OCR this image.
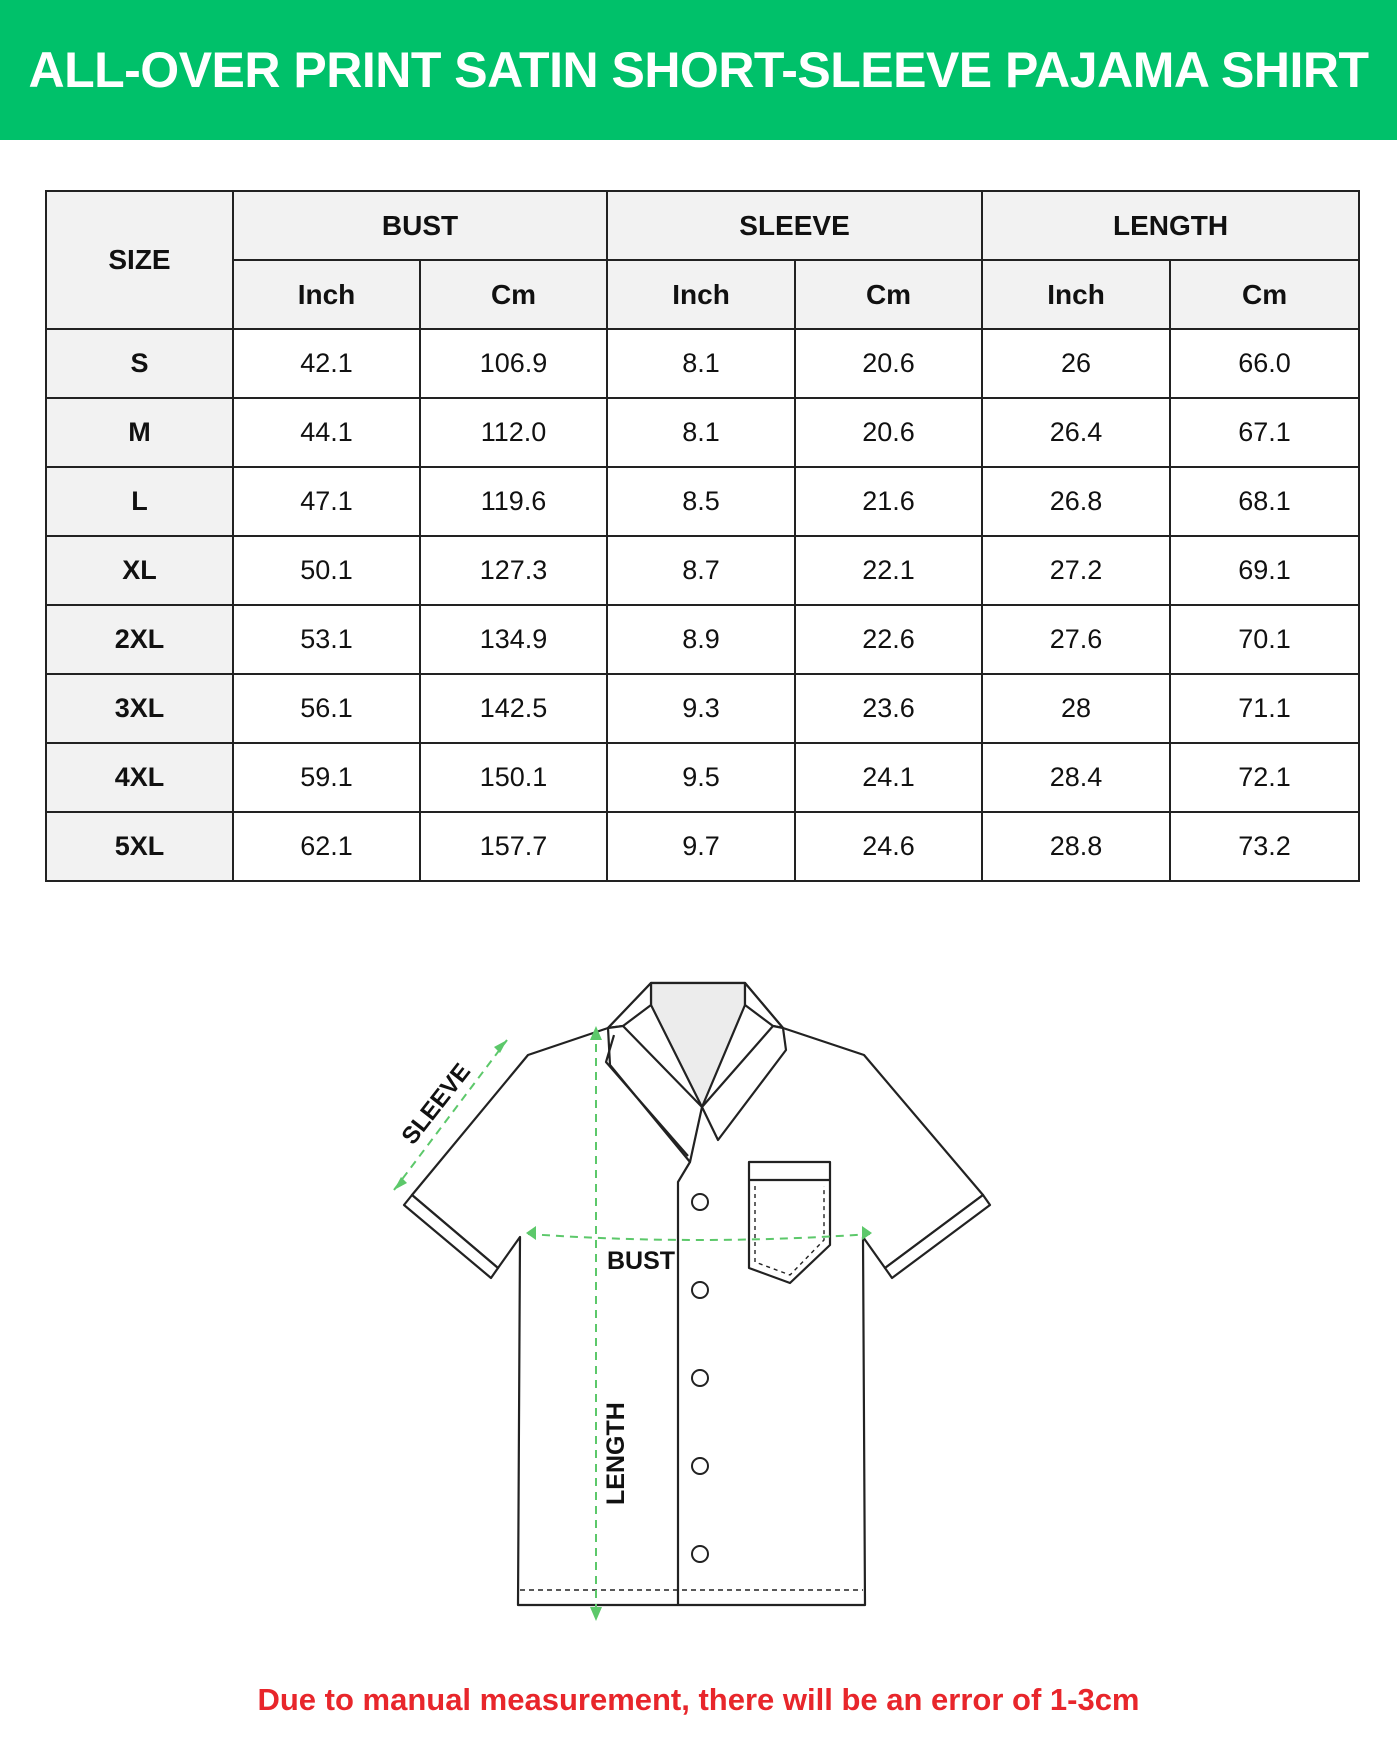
ALL-OVER PRINT SATIN SHORT-SLEEVE PAJAMA SHIRT
SIZE	BUST		SLEEVE		LENGTH	
	Inch	Cm	Inch	Cm	Inch	Cm
S	42.1	106.9	8.1	20.6	26	66.0
M	44.1	112.0	8.1	20.6	26.4	67.1
L	47.1	119.6	8.5	21.6	26.8	68.1
XL	50.1	127.3	8.7	22.1	27.2	69.1
2XL	53.1	134.9	8.9	22.6	27.6	70.1
3XL	56.1	142.5	9.3	23.6	28	71.1
4XL	59.1	150.1	9.5	24.1	28.4	72.1
5XL	62.1	157.7	9.7	24.6	28.8	73.2
SLEEVE
BUST
LENGTH
Due to manual measurement, there will be an error of 1-3cm
